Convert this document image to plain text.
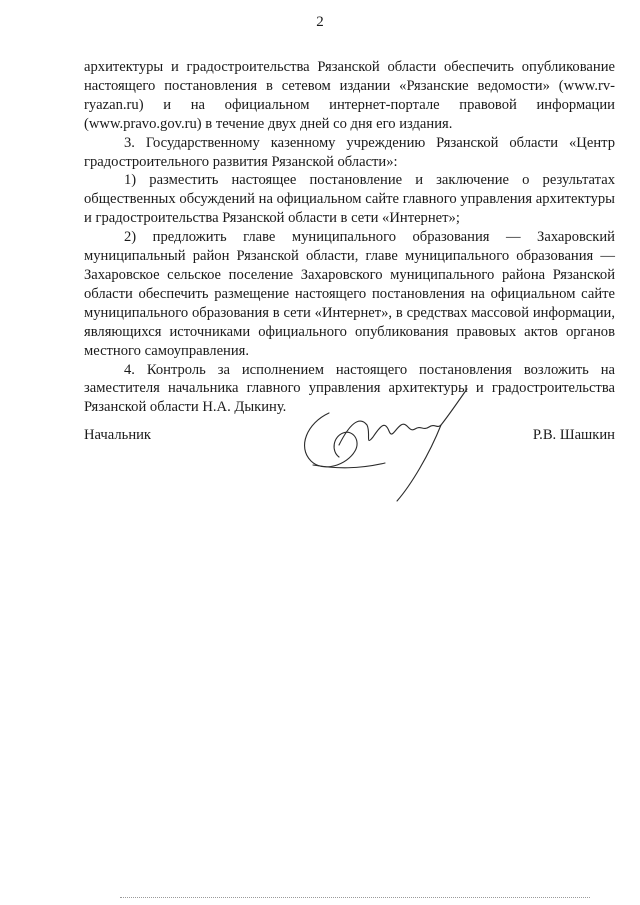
2

архитектуры и градостроительства Рязанской области обеспечить опубликование настоящего постановления в сетевом издании «Рязанские ведомости» (www.rv-ryazan.ru) и на официальном интернет-портале правовой информации (www.pravo.gov.ru) в течение двух дней со дня его издания.

3. Государственному казенному учреждению Рязанской области «Центр градостроительного развития Рязанской области»:

1) разместить настоящее постановление и заключение о результатах общественных обсуждений на официальном сайте главного управления архитектуры и градостроительства Рязанской области в сети «Интернет»;

2) предложить главе муниципального образования — Захаровский муниципальный район Рязанской области, главе муниципального образования — Захаровское сельское поселение Захаровского муниципального района Рязанской области обеспечить размещение настоящего постановления на официальном сайте муниципального образования в сети «Интернет», в средствах массовой информации, являющихся источниками официального опубликования правовых актов органов местного самоуправления.

4. Контроль за исполнением настоящего постановления возложить на заместителя начальника главного управления архитектуры и градостроительства Рязанской области Н.А. Дыкину.

Начальник	Р.В. Шашкин
